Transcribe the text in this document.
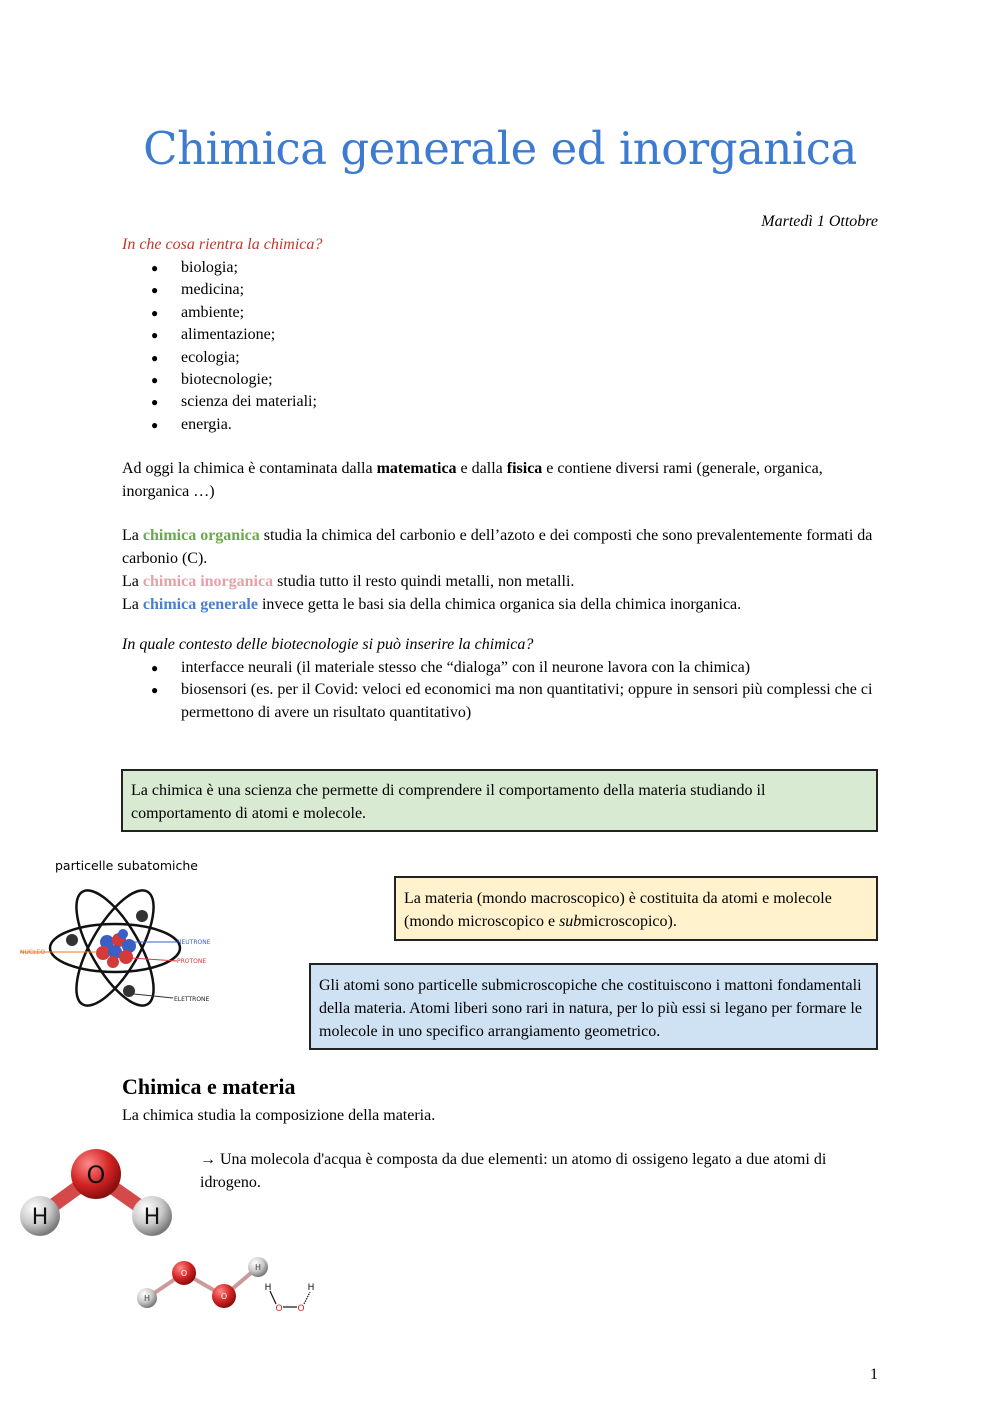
Chimica generale ed inorganica
Martedì 1 Ottobre
In che cosa rientra la chimica?
● biologia;
● medicina;
● ambiente;
● alimentazione;
● ecologia;
● biotecnologie;
● scienza dei materiali;
● energia.
Ad oggi la chimica è contaminata dalla matematica e dalla fisica e contiene diversi rami (generale, organica, inorganica …)
La chimica organica studia la chimica del carbonio e dell’azoto e dei composti che sono prevalentemente formati da carbonio (C).
La chimica inorganica studia tutto il resto quindi metalli, non metalli.
La chimica generale invece getta le basi sia della chimica organica sia della chimica inorganica.
In quale contesto delle biotecnologie si può inserire la chimica?
● interfacce neurali (il materiale stesso che “dialoga” con il neurone lavora con la chimica)
● biosensori (es. per il Covid: veloci ed economici ma non quantitativi; oppure in sensori più complessi che ci permettono di avere un risultato quantitativo)
La chimica è una scienza che permette di comprendere il comportamento della materia studiando il comportamento di atomi e molecole.
particelle subatomiche
NUCLEO
NEUTRONE
PROTONE
ELETTRONE
La materia (mondo macroscopico) è costituita da atomi e molecole (mondo microscopico e submicroscopico).
Gli atomi sono particelle submicroscopiche che costituiscono i mattoni fondamentali della materia. Atomi liberi sono rari in natura, per lo più essi si legano per formare le molecole in uno specifico arrangiamento geometrico.
Chimica e materia
La chimica studia la composizione della materia.
O
H	H
→ Una molecola d'acqua è composta da due elementi: un atomo di ossigeno legato a due atomi di idrogeno.
H
O
O
H
H
O O
H
1
